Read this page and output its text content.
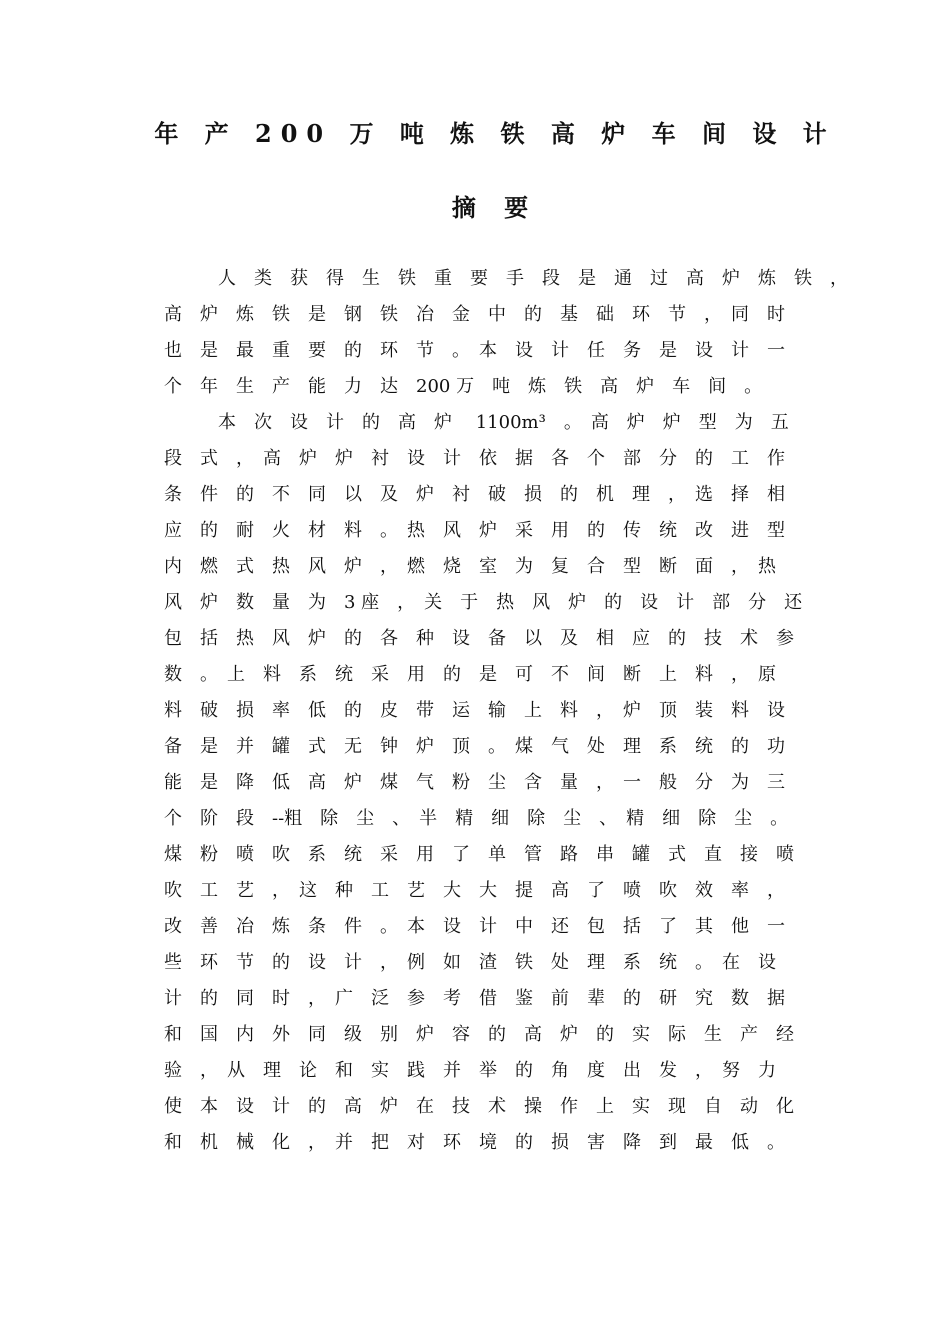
年 产 200 万 吨 炼 铁 高 炉 车 间 设 计
摘 要
人　类　获　得　生　铁　重　要　手　段　是　通　过　高　炉　炼　铁　，
高　炉　炼　铁　是　钢　铁　冶　金　中　的　基　础　环　节　，　同　时
也　是　最　重　要　的　环　节　。　本　设　计　任　务　是　设　计　一
个　年　生　产　能　力　达　200 万　吨　炼　铁　高　炉　车　间　。
本　次　设　计　的　高　炉　 1100m³　。　高　炉　炉　型　为　五
段　式　，　高　炉　炉　衬　设　计　依　据　各　个　部　分　的　工　作
条　件　的　不　同　以　及　炉　衬　破　损　的　机　理　，　选　择　相
应　的　耐　火　材　料　。　热　风　炉　采　用　的　传　统　改　进　型
内　燃　式　热　风　炉　，　燃　烧　室　为　复　合　型　断　面　，　热
风　炉　数　量　为　3 座　，　关　于　热　风　炉　的　设　计　部　分　还
包　括　热　风　炉　的　各　种　设　备　以　及　相　应　的　技　术　参
数　。　上　料　系　统　采　用　的　是　可　不　间　断　上　料　，　原
料　破　损　率　低　的　皮　带　运　输　上　料　，　炉　顶　装　料　设
备　是　并　罐　式　无　钟　炉　顶　。　煤　气　处　理　系　统　的　功
能　是　降　低　高　炉　煤　气　粉　尘　含　量　，　一　般　分　为　三
个　阶　段　--粗　除　尘　、　半　精　细　除　尘　、　精　细　除　尘　。
煤　粉　喷　吹　系　统　采　用　了　单　管　路　串　罐　式　直　接　喷
吹　工　艺　，　这　种　工　艺　大　大　提　高　了　喷　吹　效　率　，
改　善　冶　炼　条　件　。　本　设　计　中　还　包　括　了　其　他　一
些　环　节　的　设　计　，　例　如　渣　铁　处　理　系　统　。　在　设
计　的　同　时　，　广　泛　参　考　借　鉴　前　辈　的　研　究　数　据
和　国　内　外　同　级　别　炉　容　的　高　炉　的　实　际　生　产　经
验　，　从　理　论　和　实　践　并　举　的　角　度　出　发　，　努　力
使　本　设　计　的　高　炉　在　技　术　操　作　上　实　现　自　动　化
和　机　械　化　，　并　把　对　环　境　的　损　害　降　到　最　低　。
